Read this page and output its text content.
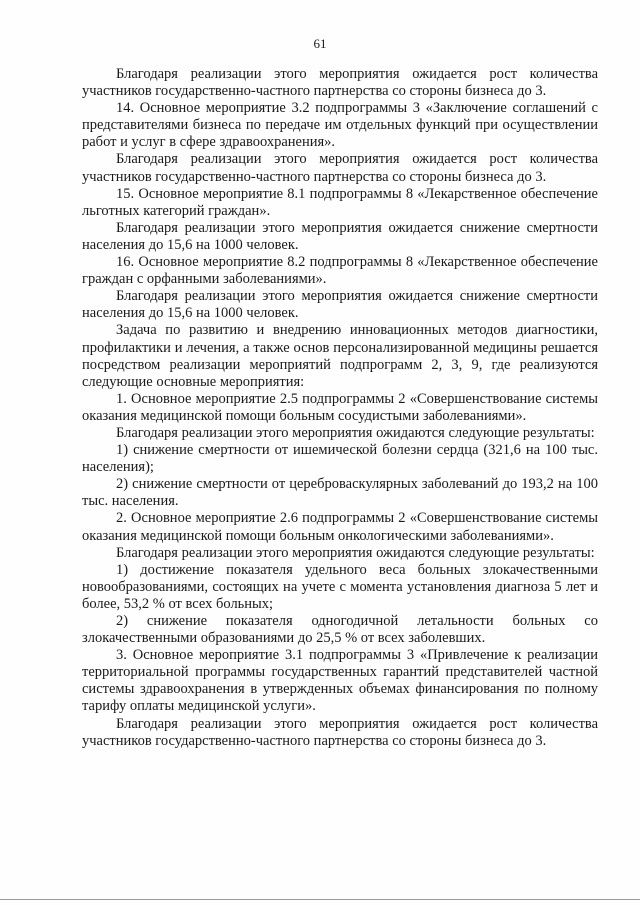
61

Благодаря реализации этого мероприятия ожидается рост количества участников государственно-частного партнерства со стороны бизнеса до 3.

14. Основное мероприятие 3.2 подпрограммы 3 «Заключение соглашений с представителями бизнеса по передаче им отдельных функций при осуществлении работ и услуг в сфере здравоохранения».

Благодаря реализации этого мероприятия ожидается рост количества участников государственно-частного партнерства со стороны бизнеса до 3.

15. Основное мероприятие 8.1 подпрограммы 8 «Лекарственное обеспечение льготных категорий граждан».

Благодаря реализации этого мероприятия ожидается снижение смертности населения до 15,6 на 1000 человек.

16. Основное мероприятие 8.2 подпрограммы 8 «Лекарственное обеспечение граждан с орфанными заболеваниями».

Благодаря реализации этого мероприятия ожидается снижение смертности населения до 15,6 на 1000 человек.

Задача по развитию и внедрению инновационных методов диагностики, профилактики и лечения, а также основ персонализированной медицины решается посредством реализации мероприятий подпрограмм 2, 3, 9, где реализуются следующие основные мероприятия:

1. Основное мероприятие 2.5 подпрограммы 2 «Совершенствование системы оказания медицинской помощи больным сосудистыми заболеваниями».

Благодаря реализации этого мероприятия ожидаются следующие результаты:

1) снижение смертности от ишемической болезни сердца (321,6 на 100 тыс. населения);

2) снижение смертности от цереброваскулярных заболеваний до 193,2 на 100 тыс. населения.

2. Основное мероприятие 2.6 подпрограммы 2 «Совершенствование системы оказания медицинской помощи больным онкологическими заболеваниями».

Благодаря реализации этого мероприятия ожидаются следующие результаты:

1) достижение показателя удельного веса больных злокачественными новообразованиями, состоящих на учете с момента установления диагноза 5 лет и более, 53,2 % от всех больных;

2) снижение показателя одногодичной летальности больных со злокачественными образованиями до 25,5 % от всех заболевших.

3. Основное мероприятие 3.1 подпрограммы 3 «Привлечение к реализации территориальной программы государственных гарантий представителей частной системы здравоохранения в утвержденных объемах финансирования по полному тарифу оплаты медицинской услуги».

Благодаря реализации этого мероприятия ожидается рост количества участников государственно-частного партнерства со стороны бизнеса до 3.
